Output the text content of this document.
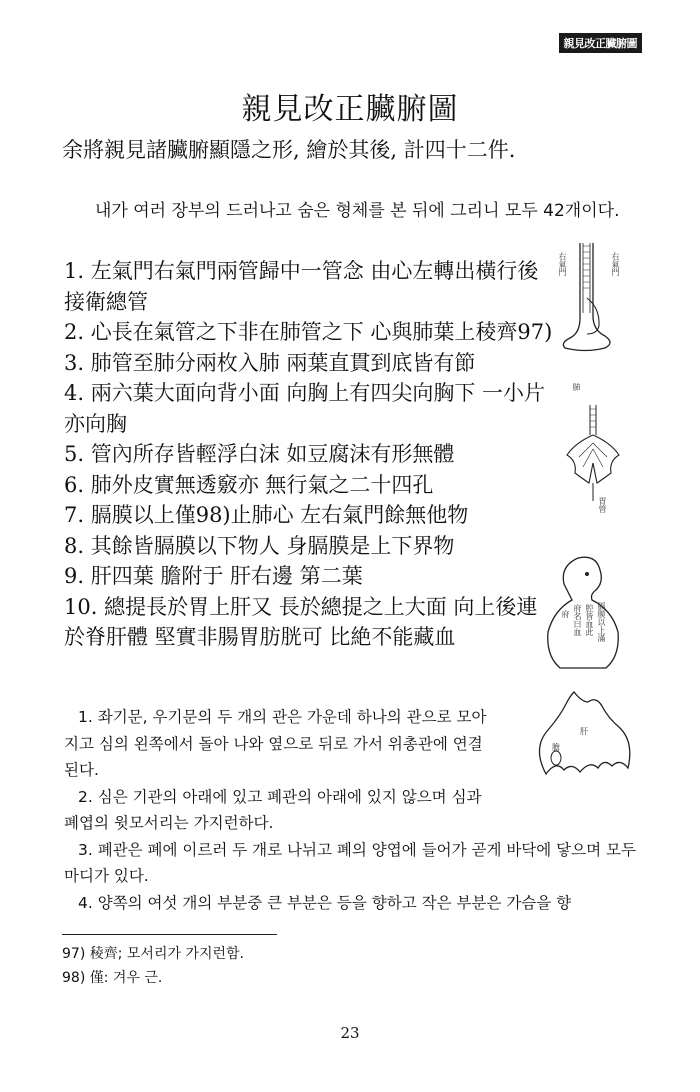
親見改正臟腑圖
親見改正臟腑圖
余將親見諸臟腑顯隱之形, 繪於其後, 計四十二件.
내가 여러 장부의 드러나고 숨은 형체를 본 뒤에 그리니 모두 42개이다.
1. 左氣門右氣門兩管歸中一管念 由心左轉出橫行後接衛總管
2. 心長在氣管之下非在肺管之下 心與肺葉上稜齊97)
3. 肺管至肺分兩枚入肺 兩葉直貫到底皆有節
4. 兩六葉大面向背小面 向胸上有四尖向胸下 一小片亦向胸
5. 管內所存皆輕浮白沫 如豆腐沫有形無體
6. 肺外皮實無透竅亦 無行氣之二十四孔
7. 膈膜以上僅98)止肺心 左右氣門餘無他物
8. 其餘皆膈膜以下物人 身膈膜是上下界物
9. 肝四葉 膽附于 肝右邊 第二葉
10. 總提長於胃上肝又 長於總提之上大面 向上後連於脊肝體 堅實非腸胃肪胱可 比絶不能藏血
右氣門	右氣門
肺
胃管
膈膜以上滿
腔皆血此
府名曰血
府
肝
膽
1. 좌기문, 우기문의 두 개의 관은 가운데 하나의 관으로 모아지고 심의 왼쪽에서 돌아 나와 옆으로 뒤로 가서 위총관에 연결된다.
2. 심은 기관의 아래에 있고 폐관의 아래에 있지 않으며 심과 폐엽의 윗모서리는 가지런하다.
3. 폐관은 폐에 이르러 두 개로 나뉘고 폐의 양엽에 들어가 곧게 바닥에 닿으며 모두 마디가 있다.
4. 양쪽의 여섯 개의 부분중 큰 부분은 등을 향하고 작은 부분은 가슴을 향
97) 稜齊; 모서리가 가지런함.
98) 僅: 겨우 근.
23
